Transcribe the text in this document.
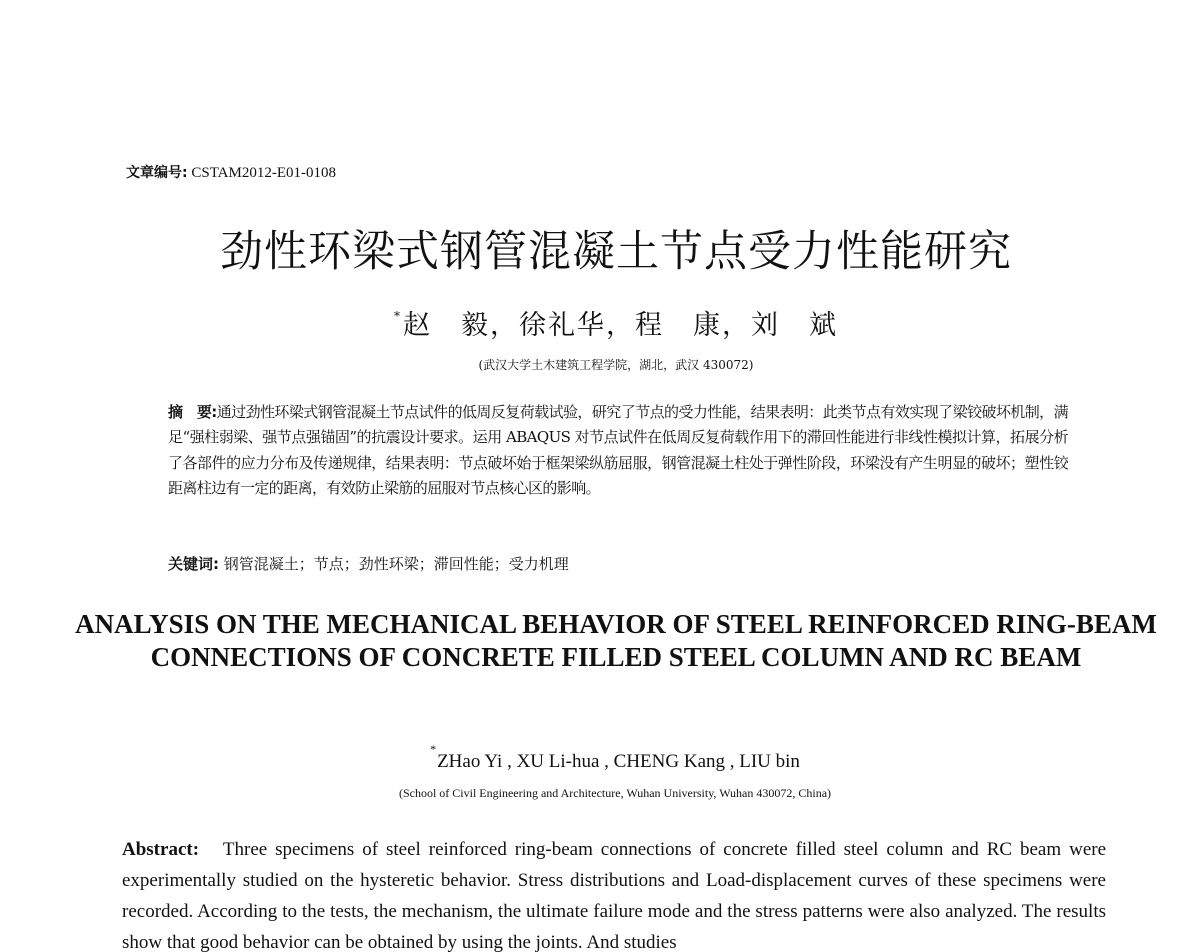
文章编号: CSTAM2012-E01-0108
劲性环梁式钢管混凝土节点受力性能研究
*赵　毅，徐礼华，程　康，刘　斌
(武汉大学土木建筑工程学院，湖北，武汉 430072)
摘　要:通过劲性环梁式钢管混凝土节点试件的低周反复荷载试验，研究了节点的受力性能，结果表明：此类节点有效实现了梁铰破坏机制，满足“强柱弱梁、强节点强锚固”的抗震设计要求。运用 ABAQUS 对节点试件在低周反复荷载作用下的滞回性能进行非线性模拟计算，拓展分析了各部件的应力分布及传递规律，结果表明：节点破坏始于框架梁纵筋屈服，钢管混凝土柱处于弹性阶段，环梁没有产生明显的破坏；塑性铰距离柱边有一定的距离，有效防止梁筋的屈服对节点核心区的影响。
关键词: 钢管混凝土；节点；劲性环梁；滞回性能；受力机理
ANALYSIS ON THE MECHANICAL BEHAVIOR OF STEEL REINFORCED RING-BEAM CONNECTIONS OF CONCRETE FILLED STEEL COLUMN AND RC BEAM
*ZHao Yi , XU Li-hua , CHENG Kang , LIU bin
(School of Civil Engineering and Architecture, Wuhan University, Wuhan 430072, China)
Abstract: Three specimens of steel reinforced ring-beam connections of concrete filled steel column and RC beam were experimentally studied on the hysteretic behavior. Stress distributions and Load-displacement curves of these specimens were recorded. According to the tests, the mechanism, the ultimate failure mode and the stress patterns were also analyzed. The results show that good behavior can be obtained by using the joints. And studies
